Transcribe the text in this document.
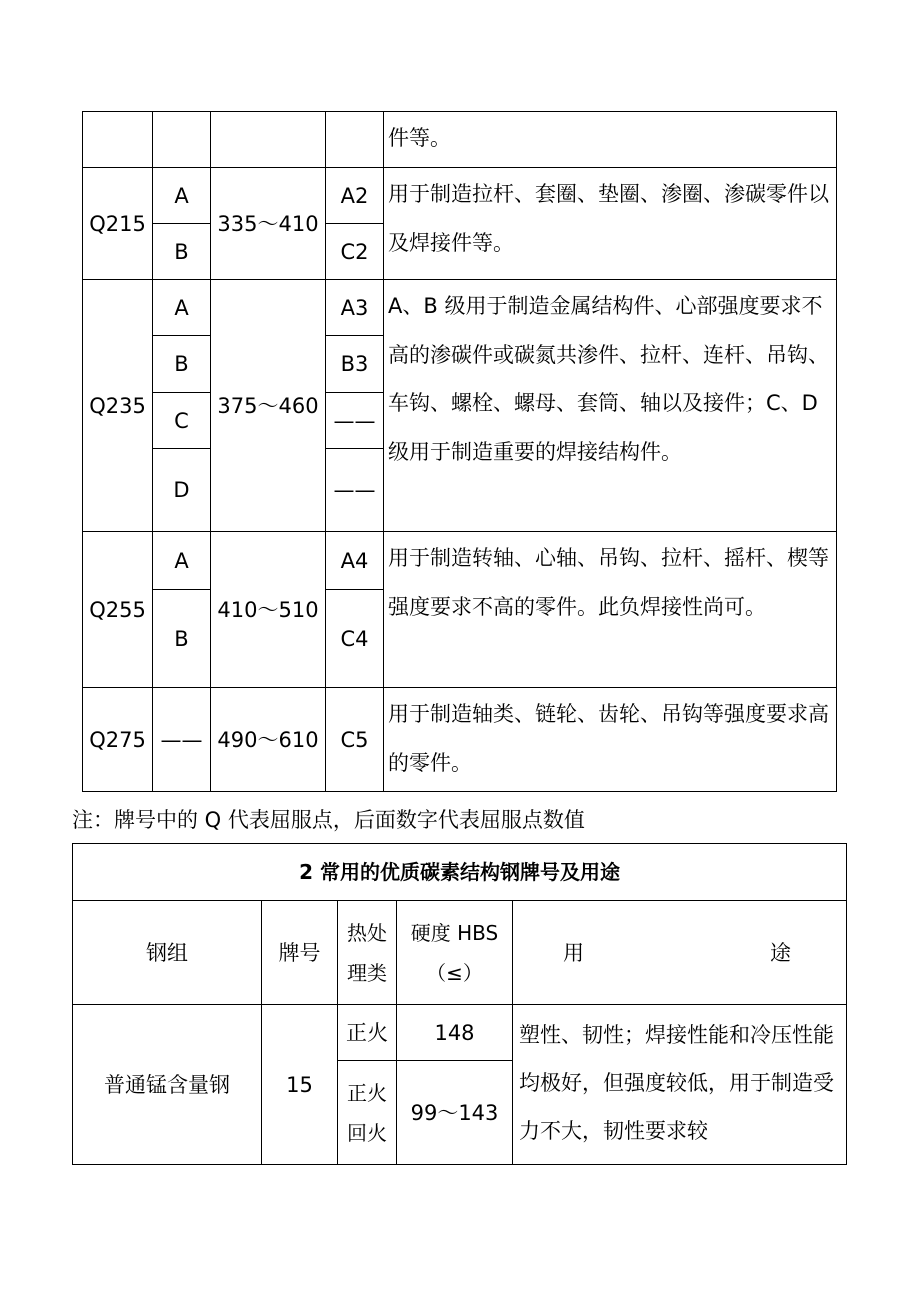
				件等。
Q215	A	335～410	A2	用于制造拉杆、套圈、垫圈、渗圈、渗碳零件以及焊接件等。
	B		C2	
Q235	A	375～460	A3	A、B 级用于制造金属结构件、心部强度要求不高的渗碳件或碳氮共渗件、拉杆、连杆、吊钩、车钩、螺栓、螺母、套筒、轴以及接件；C、D 级用于制造重要的焊接结构件。
	B		B3	
	C		——	
	D		——	
Q255	A	410～510	A4	用于制造转轴、心轴、吊钩、拉杆、摇杆、楔等强度要求不高的零件。此负焊接性尚可。
	B		C4	
Q275	——	490～610	C5	用于制造轴类、链轮、齿轮、吊钩等强度要求高的零件。
注：牌号中的 Q 代表屈服点，后面数字代表屈服点数值
2 常用的优质碳素结构钢牌号及用途				
钢组	牌号	热处理类	硬度 HBS（≤）	用 途

普通锰含量钢	15	正火	148	塑性、韧性；焊接性能和冷压性能均极好，但强度较低，用于制造受力不大，韧性要求较
		正火回火	99～143	
